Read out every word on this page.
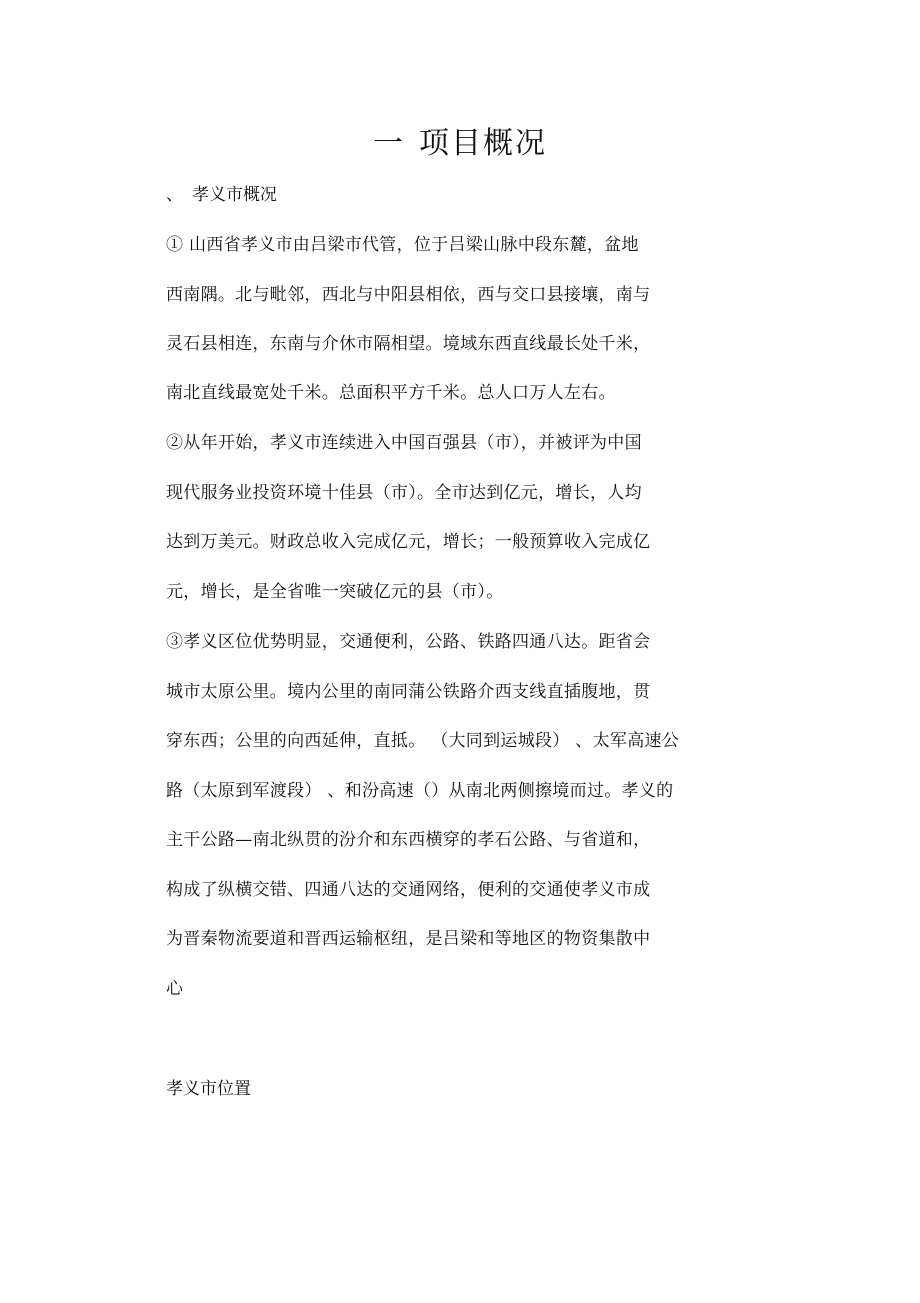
一 项目概况
、 孝义市概况
① 山西省孝义市由吕梁市代管，位于吕梁山脉中段东麓，盆地
西南隅。北与毗邻，西北与中阳县相依，西与交口县接壤，南与
灵石县相连，东南与介休市隔相望。境域东西直线最长处千米，
南北直线最宽处千米。总面积平方千米。总人口万人左右。
②从年开始，孝义市连续进入中国百强县（市），并被评为中国
现代服务业投资环境十佳县（市）。全市达到亿元，增长，人均
达到万美元。财政总收入完成亿元，增长；一般预算收入完成亿
元，增长，是全省唯一突破亿元的县（市）。
③孝义区位优势明显，交通便利，公路、铁路四通八达。距省会
城市太原公里。境内公里的南同蒲公铁路介西支线直插腹地，贯
穿东西；公里的向西延伸，直抵。 （大同到运城段） 、太军高速公
路（太原到军渡段） 、和汾高速（）从南北两侧擦境而过。孝义的
主干公路—南北纵贯的汾介和东西横穿的孝石公路、与省道和，
构成了纵横交错、四通八达的交通网络，便利的交通使孝义市成
为晋秦物流要道和晋西运输枢纽，是吕梁和等地区的物资集散中
心
孝义市位置
